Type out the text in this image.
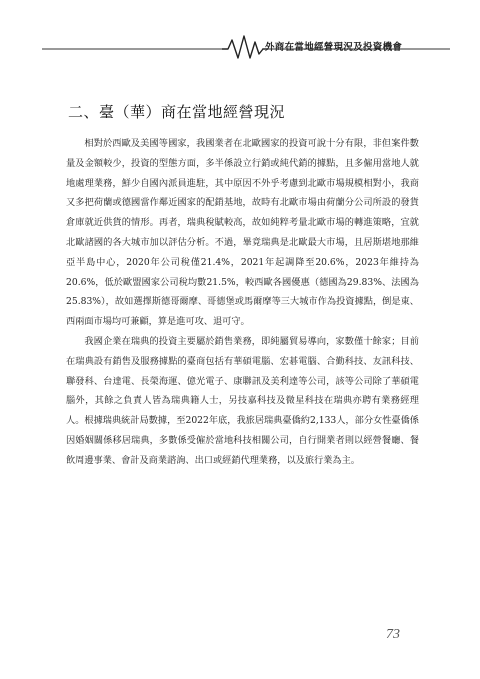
外商在當地經營現況及投資機會
二、臺（華）商在當地經營現況

相對於西歐及美國等國家，我國業者在北歐國家的投資可說十分有限，非但案件數量及金額較少，投資的型態方面，多半係設立行銷或純代銷的據點，且多僱用當地人就地處理業務，鮮少自國內派員進駐，其中原因不外乎考慮到北歐市場規模相對小，我商又多把荷蘭或德國當作鄰近國家的配銷基地，故時有北歐市場由荷蘭分公司所設的發貨倉庫就近供貨的情形。再者，瑞典稅賦較高，故如純粹考量北歐市場的轉進策略，宜就北歐諸國的各大城市加以評估分析。不過，畢竟瑞典是北歐最大市場，且居斯堪地那維亞半島中心，2020年公司稅僅21.4%，2021年起調降至20.6%，2023年維持為20.6%，低於歐盟國家公司稅均數21.5%，較西歐各國優惠（德國為29.83%、法國為25.83%），故如選擇斯德哥爾摩、哥德堡或馬爾摩等三大城市作為投資據點，倒是東、西兩面市場均可兼顧，算是進可攻、退可守。

我國企業在瑞典的投資主要屬於銷售業務，即純屬貿易導向，家數僅十餘家；目前在瑞典設有銷售及服務據點的臺商包括有華碩電腦、宏碁電腦、合勤科技、友訊科技、聯發科、台達電、長榮海運、億光電子、康聯訊及美利達等公司，該等公司除了華碩電腦外，其餘之負責人皆為瑞典籍人士，另技嘉科技及微星科技在瑞典亦聘有業務經理人。根據瑞典統計局數據，至2022年底，我旅居瑞典臺僑約2,133人，部分女性臺僑係因婚姻關係移居瑞典，多數係受僱於當地科技相關公司，自行開業者則以經營餐廳、餐飲周邊事業、會計及商業諮詢、出口或經銷代理業務，以及旅行業為主。

73
